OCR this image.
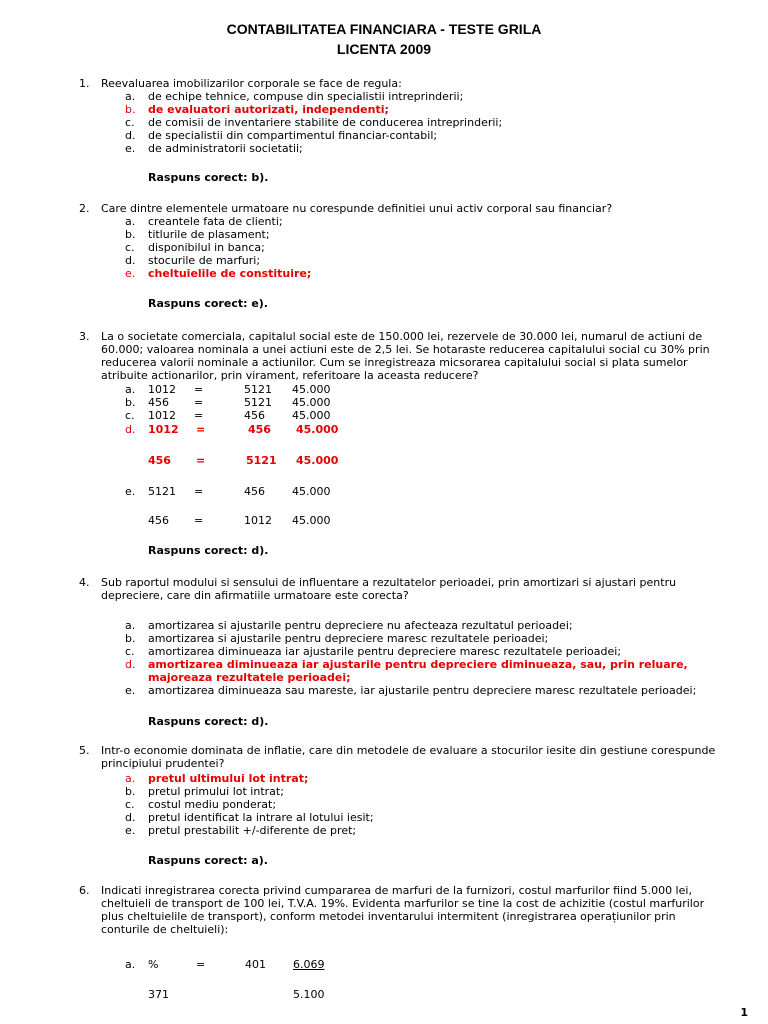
CONTABILITATEA FINANCIARA - TESTE GRILA
LICENTA 2009
1. Reevaluarea imobilizarilor corporale se face de regula:
a. de echipe tehnice, compuse din specialistii intreprinderii;
b. de evaluatori autorizati, independenti;
c. de comisii de inventariere stabilite de conducerea intreprinderii;
d. de specialistii din compartimentul financiar-contabil;
e. de administratorii societatii;
Raspuns corect: b).
2. Care dintre elementele urmatoare nu corespunde definitiei unui activ corporal sau financiar?
a. creantele fata de clienti;
b. titlurile de plasament;
c. disponibilul in banca;
d. stocurile de marfuri;
e. cheltuielile de constituire;
Raspuns corect: e).
3. La o societate comerciala, capitalul social este de 150.000 lei, rezervele de 30.000 lei, numarul de actiuni de
60.000; valoarea nominala a unei actiuni este de 2,5 lei. Se hotaraste reducerea capitalului social cu 30% prin
reducerea valorii nominale a actiunilor. Cum se inregistreaza micsorarea capitalului social si plata sumelor
atribuite actionarilor, prin virament, referitoare la aceasta reducere?
a. 1012 =	5121 45.000
b. 456 =	5121 45.000
c. 1012 =	456 45.000
d. 1012 =	456 45.000
456 =	5121 45.000
e. 5121 =	456 45.000
456 =	1012 45.000
Raspuns corect: d).
4. Sub raportul modului si sensului de influentare a rezultatelor perioadei, prin amortizari si ajustari pentru
depreciere, care din afirmatiile urmatoare este corecta?
a. amortizarea si ajustarile pentru depreciere nu afecteaza rezultatul perioadei;
b. amortizarea si ajustarile pentru depreciere maresc rezultatele perioadei;
c. amortizarea diminueaza iar ajustarile pentru depreciere maresc rezultatele perioadei;
d. amortizarea diminueaza iar ajustarile pentru depreciere diminueaza, sau, prin reluare,
majoreaza rezultatele perioadei;
e. amortizarea diminueaza sau mareste, iar ajustarile pentru depreciere maresc rezultatele perioadei;
Raspuns corect: d).
5. Intr-o economie dominata de inflatie, care din metodele de evaluare a stocurilor iesite din gestiune corespunde
principiului prudentei?
a. pretul ultimului lot intrat;
b. pretul primului lot intrat;
c. costul mediu ponderat;
d. pretul identificat la intrare al lotului iesit;
e. pretul prestabilit +/-diferente de pret;
Raspuns corect: a).
6. Indicati inregistrarea corecta privind cumpararea de marfuri de la furnizori, costul marfurilor fiind 5.000 lei,
cheltuieli de transport de 100 lei, T.V.A. 19%. Evidenta marfurilor se tine la cost de achizitie (costul marfurilor
plus cheltuielile de transport), conform metodei inventarului intermitent (inregistrarea operațiunilor prin
conturile de cheltuieli):
a. %	=	401 6.069
371	5.100
1
